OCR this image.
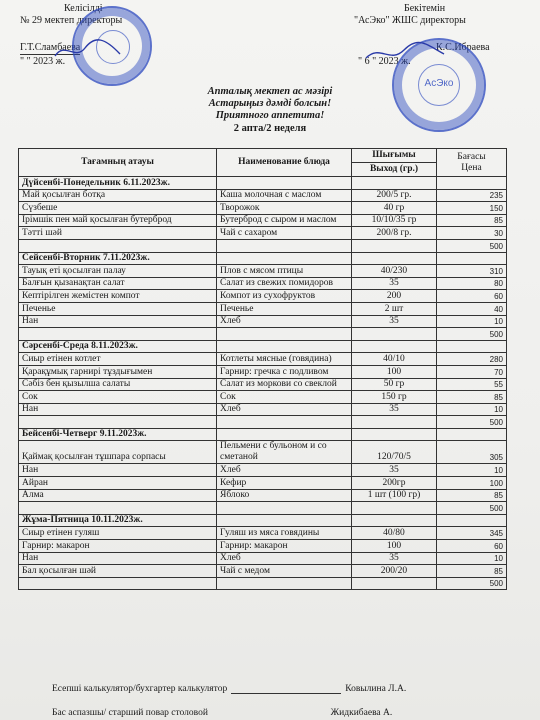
Келісілді
№ 29 мектеп директоры
Г.Т.Сламбаева
" " 2023 ж.
Бекітемін
"АсЭко" ЖШС директоры
К.С.Ибраева
" 6 " 2023 ж.
АсЭко
Апталық мектеп ас мәзірі
Астарыңыз дәмді болсын!
Приятного аппетита!
2 апта/2 неделя
Тағамның атауы	Наименование блюда	Шығымы	Бағасы
Цена

		Выход (гр.)	
Дүйсенбі-Понедельник 6.11.2023ж.			
Май қосылған ботқа	Каша молочная с маслом	200/5 гр.	235
Сүзбеше	Творожок	40 гр	150
Ірімшік пен май қосылған бутерброд	Бутерброд с сыром и маслом	10/10/35 гр	85
Тәтті шәй	Чай с сахаром	200/8 гр.	30
			500
Сейсенбі-Вторник 7.11.2023ж.			
Тауық еті қосылған палау	Плов с мясом птицы	40/230	310
Балғын қызанақтан салат	Салат из свежих помидоров	35	80
Кептірілген жемістен компот	Компот из сухофруктов	200	60
Печенье	Печенье	2 шт	40
Нан	Хлеб	35	10
			500
Сәрсенбі-Среда 8.11.2023ж.			
Сиыр етінен котлет	Котлеты мясные (говядина)	40/10	280
Қарақұмық гарнирі тұздығымен	Гарнир: гречка с подливом	100	70
Сәбіз бен қызылша салаты	Салат из моркови со свеклой	50 гр	55
Сок	Сок	150 гр	85
Нан	Хлеб	35	10
			500
Бейсенбі-Четверг 9.11.2023ж.			
Қаймақ қосылған тұшпара сорпасы	Пельмени с бульоном и со сметаной	120/70/5	305
Нан	Хлеб	35	10
Айран	Кефир	200гр	100
Алма	Яблоко	1 шт (100 гр)	85
			500
Жұма-Пятница 10.11.2023ж.			
Сиыр етінен гуляш	Гуляш из мяса говядины	40/80	345
Гарнир: макарон	Гарнир: макарон	100	60
Нан	Хлеб	35	10
Бал қосылған шәй	Чай с медом	200/20	85
			500
Есепші калькулятор/бухгартер калькулятор	Ковылина Л.А.
Бас аспазшы/ старший повар столовой	Жидкибаева А.
